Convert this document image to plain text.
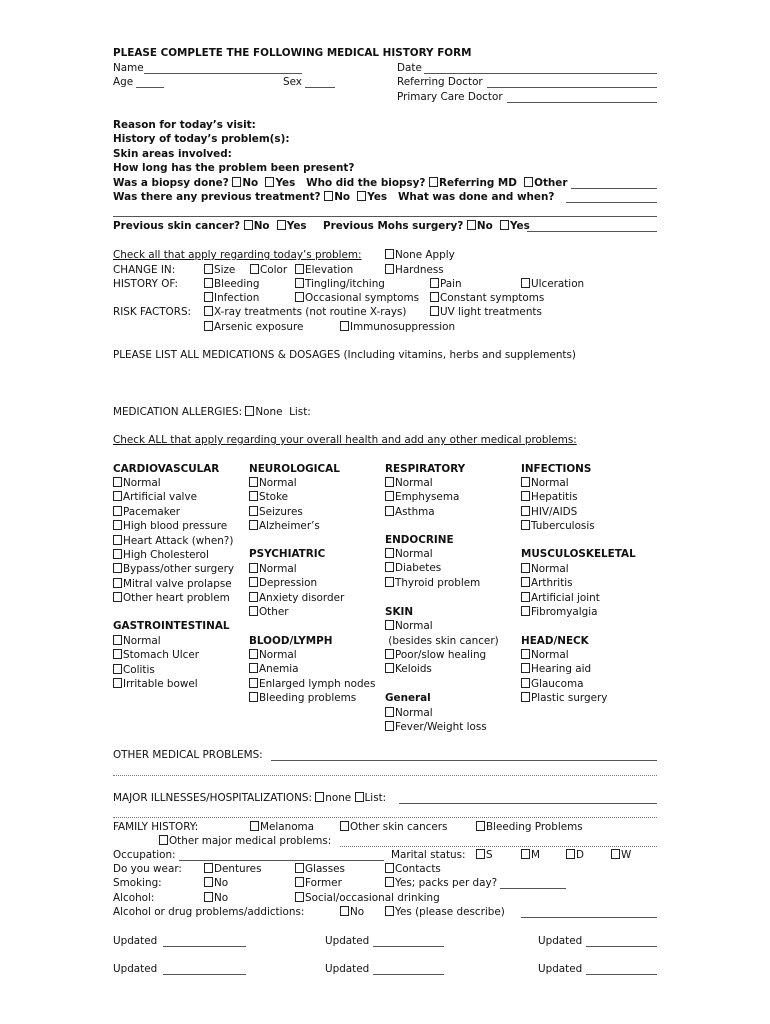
PLEASE COMPLETE THE FOLLOWING MEDICAL HISTORY FORM
Name	Date
Age	Sex	Referring Doctor
Primary Care Doctor
Reason for today’s visit:
History of today’s problem(s):
Skin areas involved:
How long has the problem been present?
Was a biopsy done? No Yes Who did the biopsy? Referring MD Other
Was there any previous treatment? No Yes What was done and when?
Previous skin cancer? No Yes Previous Mohs surgery? No Yes
Check all that apply regarding today’s problem:	None Apply
CHANGE IN:	Size	Color	Elevation	Hardness
HISTORY OF:	Bleeding	Tingling/itching	Pain	Ulceration
Infection	Occasional symptoms	Constant symptoms
RISK FACTORS:	X-ray treatments (not routine X-rays)	UV light treatments
Arsenic exposure	Immunosuppression
PLEASE LIST ALL MEDICATIONS & DOSAGES (Including vitamins, herbs and supplements)
MEDICATION ALLERGIES: None List:
Check ALL that apply regarding your overall health and add any other medical problems:
CARDIOVASCULAR
Normal
Artificial valve
Pacemaker
High blood pressure
Heart Attack (when?)
High Cholesterol
Bypass/other surgery
Mitral valve prolapse
Other heart problem
GASTROINTESTINAL
Normal
Stomach Ulcer
Colitis
Irritable bowel
NEUROLOGICAL
Normal
Stoke
Seizures
Alzheimer’s
PSYCHIATRIC
Normal
Depression
Anxiety disorder
Other
BLOOD/LYMPH
Normal
Anemia
Enlarged lymph nodes
Bleeding problems
RESPIRATORY
Normal
Emphysema
Asthma
ENDOCRINE
Normal
Diabetes
Thyroid problem
SKIN
Normal
(besides skin cancer)
Poor/slow healing
Keloids
General
Normal
Fever/Weight loss
INFECTIONS
Normal
Hepatitis
HIV/AIDS
Tuberculosis
MUSCULOSKELETAL
Normal
Arthritis
Artificial joint
Fibromyalgia
HEAD/NECK
Normal
Hearing aid
Glaucoma
Plastic surgery
OTHER MEDICAL PROBLEMS:
MAJOR ILLNESSES/HOSPITALIZATIONS: none List:
FAMILY HISTORY:	Melanoma	Other skin cancers	Bleeding Problems
Other major medical problems:
Occupation:	Marital status:	S	M	D	W
Do you wear:	Dentures	Glasses	Contacts
Smoking:	No	Former	Yes; packs per day?
Alcohol:	No	Social/occasional drinking
Alcohol or drug problems/addictions:	No	Yes (please describe)
Updated	Updated	Updated
Updated	Updated	Updated
